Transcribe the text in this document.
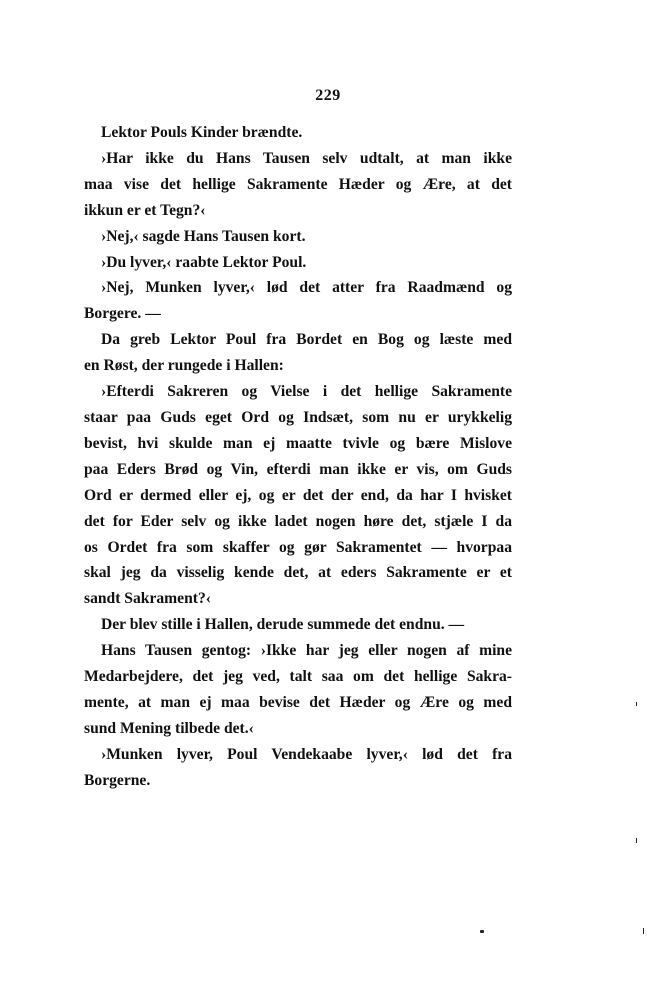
229

Lektor Pouls Kinder brændte.

›Har ikke du Hans Tausen selv udtalt, at man ikke
maa vise det hellige Sakramente Hæder og Ære, at det
ikkun er et Tegn?‹

›Nej,‹ sagde Hans Tausen kort.

›Du lyver,‹ raabte Lektor Poul.

›Nej, Munken lyver,‹ lød det atter fra Raadmænd og
Borgere. —

Da greb Lektor Poul fra Bordet en Bog og læste med
en Røst, der rungede i Hallen:

›Efterdi Sakreren og Vielse i det hellige Sakramente
staar paa Guds eget Ord og Indsæt, som nu er urykkelig
bevist, hvi skulde man ej maatte tvivle og bære Mislove
paa Eders Brød og Vin, efterdi man ikke er vis, om Guds
Ord er dermed eller ej, og er det der end, da har I hvisket
det for Eder selv og ikke ladet nogen høre det, stjæle I da
os Ordet fra som skaffer og gør Sakramentet — hvorpaa
skal jeg da visselig kende det, at eders Sakramente er et
sandt Sakrament?‹

Der blev stille i Hallen, derude summede det endnu. —

Hans Tausen gentog: ›Ikke har jeg eller nogen af mine
Medarbejdere, det jeg ved, talt saa om det hellige Sakra-
mente, at man ej maa bevise det Hæder og Ære og med
sund Mening tilbede det.‹

›Munken lyver, Poul Vendekaabe lyver,‹ lød det fra
Borgerne.
